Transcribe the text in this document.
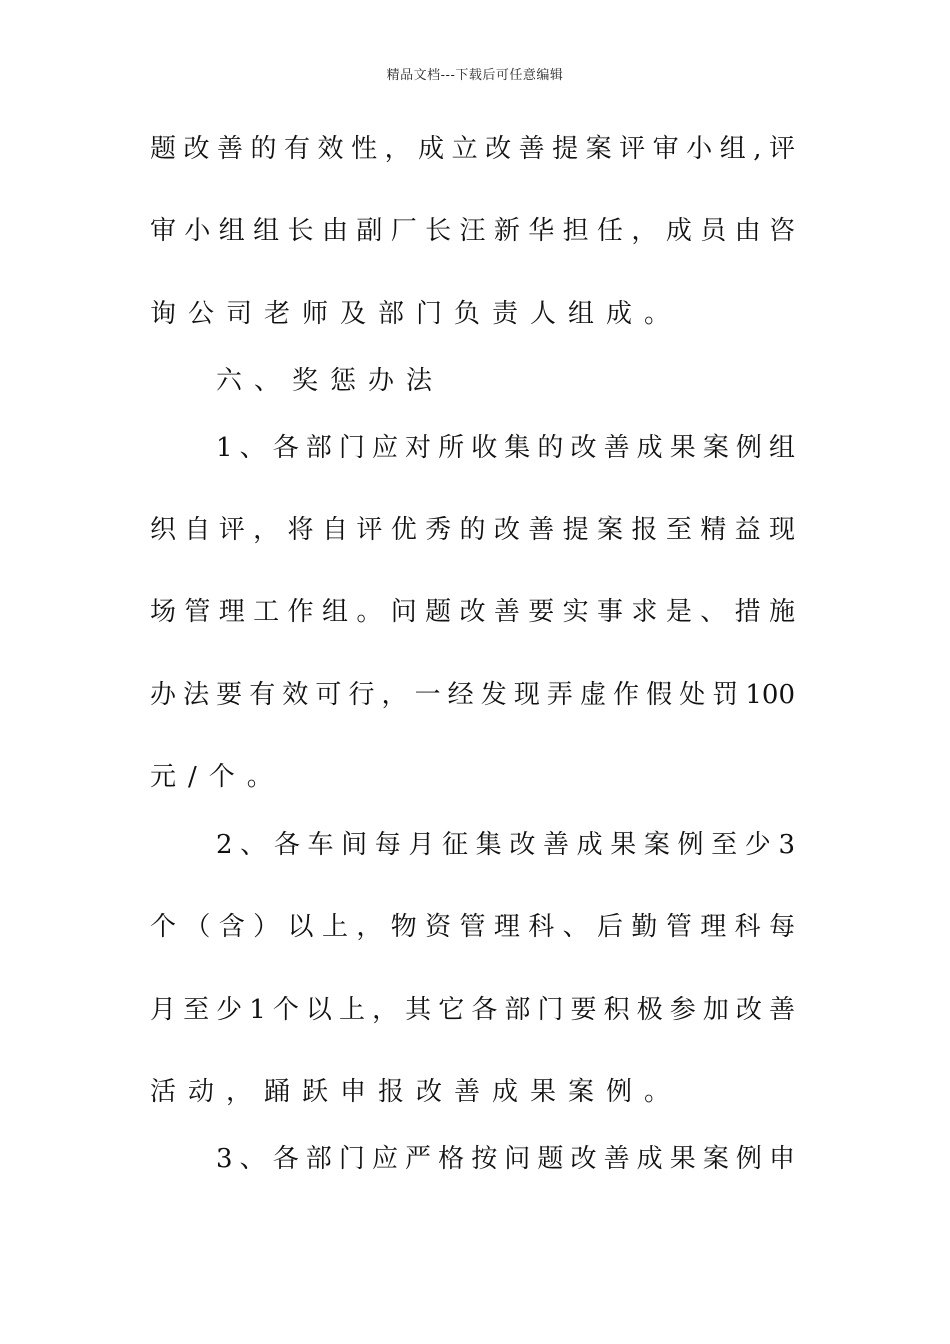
精品文档---下载后可任意编辑
题改善的有效性，成立改善提案评审小组,评
审小组组长由副厂长汪新华担任，成员由咨
询公司老师及部门负责人组成。
六、奖惩办法
1、各部门应对所收集的改善成果案例组
织自评，将自评优秀的改善提案报至精益现
场管理工作组。问题改善要实事求是、措施
办法要有效可行，一经发现弄虚作假处罚100
元/个。
2、各车间每月征集改善成果案例至少3
个（含）以上，物资管理科、后勤管理科每
月至少1个以上，其它各部门要积极参加改善
活动，踊跃申报改善成果案例。
3、各部门应严格按问题改善成果案例申
